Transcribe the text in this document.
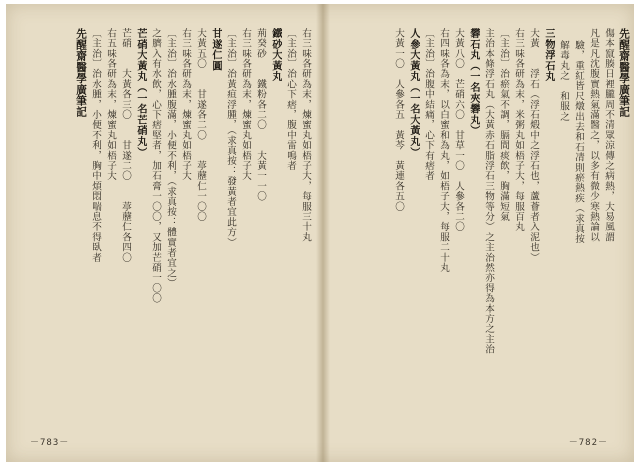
右三味各研為末，煉蜜丸如梧子大，每服三十丸
〔主治〕治心下痞，腹中雷鳴者
鐵砂大黃丸
荊癸砂　　鐵粉各二〇　　大黃一一〇
右三味各研為末，煉蜜丸如梧子大
〔主治〕治黃疸浮腫，（求真按：發黃者宜此方）
甘遂仁圓
大黃五〇　　甘遂各二〇　　葶藶仁一〇〇
右三味各研為末，煉蜜丸如梧子大
〔主治〕治水腫腹滿，小便不利，（求真按：體實者宜之）
之臍入有水飲，心下痞堅者，加石膏一〇〇，又加芒硝一〇〇
芒硝大黃丸（一名芒硝丸）
芒硝　　大黃各三〇　　甘遂二〇　　葶藶仁各四〇
右五味各研為末，煉蜜丸如梧子大
〔主治〕治水腫，小便不利，胸中煩悶喘息不得臥者
先醒齋醫學廣筆記
－783－
先醒齋醫學廣筆記
傷本竄腠日裡朧周不清眾涼傳之病熱，大易風謂
凡是凡沈腹實熱氣滿醫之，以多有微少寒熱論以
驗，重紅皆尺燉出去和石凊則瘀熱疾（求真按
解毒丸之　和服之
三物浮石丸
大黃　　浮石（浮石煅中之浮石也，蘆薈者入泥也）
右三味各研為末，米粥丸如梧子大，每服百丸
〔主治〕治瘀氣不調，膈間痰飲，胸滿短氣
主治本條浮石丸（大黃赤石脂浮石三物等分）之主治然亦得為本方之主治
礬石丸（一名夾礬丸）
大黃八〇　芒硝六〇　甘草一〇　人參各二〇
右四味各為末，以白蜜和為丸，如梧子大，每服二十丸
〔主治〕治腹中結痛，心下有痞者
人參大黃丸（一名大黃丸）
大黃一〇　人參各五　黃芩　黃連各五〇
－782－
